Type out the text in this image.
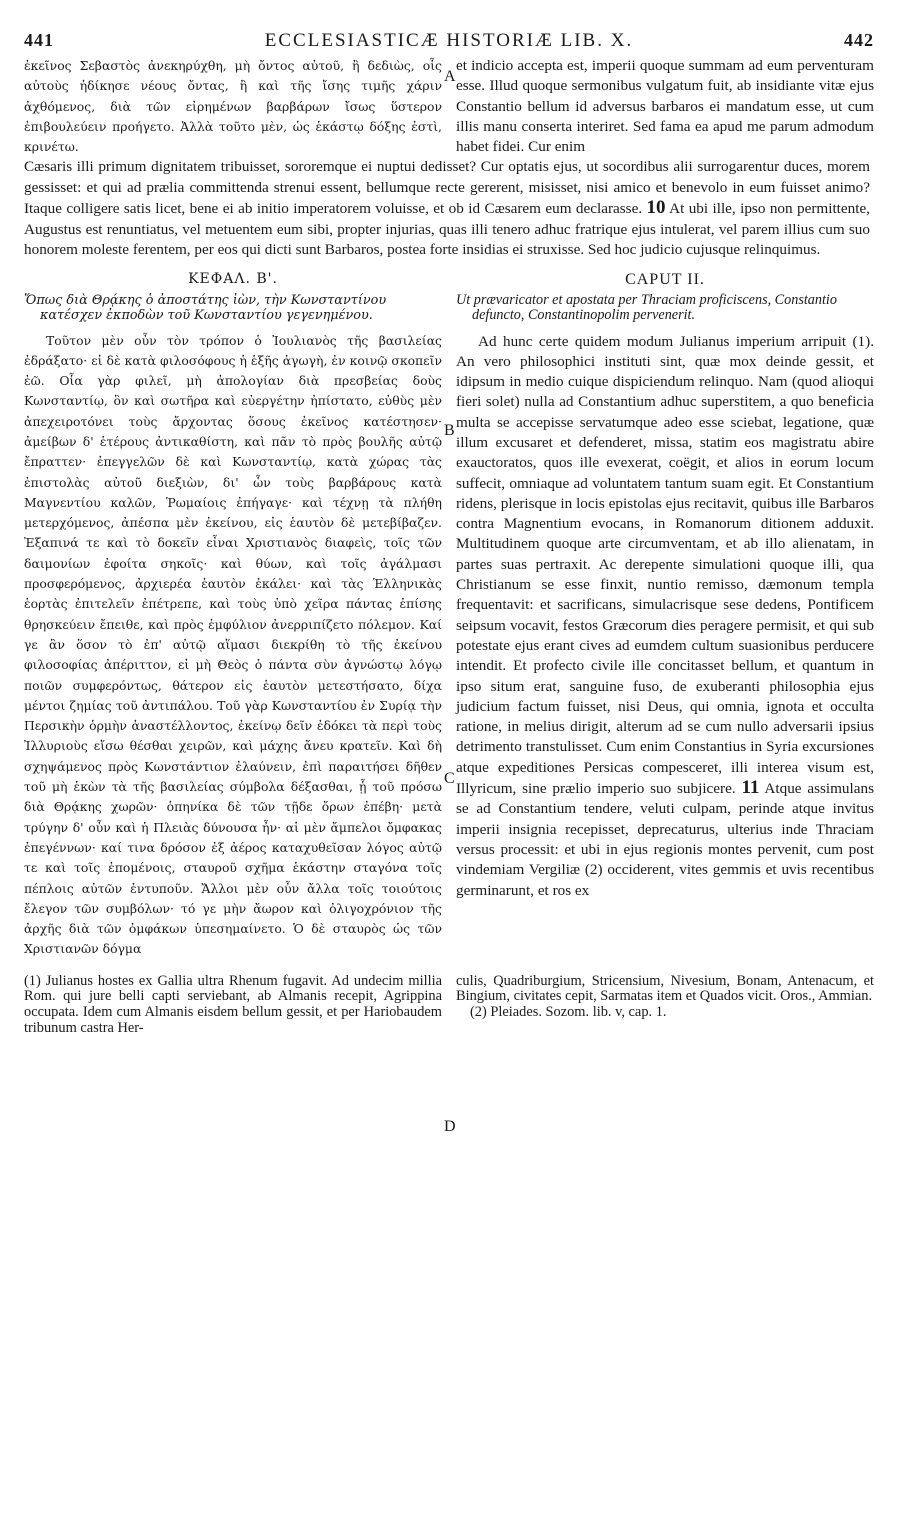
441	ECCLESIASTICÆ HISTORIÆ LIB. X.	442

ἐκεῖνος Σεβαστὸς ἀνεκηρύχθη, μὴ ὄντος αὐτοῦ, ἢ δεδιὼς, οἷς αὐτοὺς ἠδίκησε νέους ὄντας, ἢ καὶ τῆς ἴσης τιμῆς χάριν ἀχθόμενος, διὰ τῶν εἰρημένων βαρβάρων ἴσως ὕστερον ἐπιβουλεύειν προήγετο. Ἀλλὰ τοῦτο μὲν, ὡς ἑκάστῳ δόξης ἐστὶ, κρινέτω.

et indicio accepta est, imperii quoque summam ad eum perventuram esse. Illud quoque sermonibus vulgatum fuit, ab insidiante vitæ ejus Constantio bellum id adversus barbaros ei mandatum esse, ut cum illis manu conserta interiret. Sed fama ea apud me parum admodum habet fidei. Cur enim

Cæsaris illi primum dignitatem tribuisset, sororemque ei nuptui dedisset? Cur optatis ejus, ut socordibus alii surrogarentur duces, morem gessisset: et qui ad prælia committenda strenui essent, bellumque recte gererent, misisset, nisi amico et benevolo in eum fuisset animo? Itaque colligere satis licet, bene ei ab initio imperatorem voluisse, et ob id Cæsarem eum declarasse. 10 At ubi ille, ipso non permittente, Augustus est renuntiatus, vel metuentem eum sibi, propter injurias, quas illi tenero adhuc fratrique ejus intulerat, vel parem illius cum suo honorem moleste ferentem, per eos qui dicti sunt Barbaros, postea forte insidias ei struxisse. Sed hoc judicio cujusque relinquimus.

ΚΕΦΑΛ. Β'.	CAPUT II.

Ὅπως διὰ Θρᾴκης ὁ ἀποστάτης ἰὼν, τὴν Κωνσταντίνου κατέσχεν ἐκποδὼν τοῦ Κωνσταντίου γεγενημένου.

Τοῦτον μὲν οὖν τὸν τρόπον ὁ Ἰουλιανὸς τῆς βασιλείας ἐδράξατο· εἰ δὲ κατὰ φιλοσόφους ἡ ἑξῆς ἀγωγὴ, ἐν κοινῷ σκοπεῖν ἐῶ. Οἷα γὰρ φιλεῖ, μὴ ἀπολογίαν διὰ πρεσβείας δοὺς Κωνσταντίῳ, ὃν καὶ σωτῆρα καὶ εὐεργέτην ἠπίστατο, εὐθὺς μὲν ἀπεχειροτόνει τοὺς ἄρχοντας ὅσους ἐκεῖνος κατέστησεν· ἀμείβων δ' ἑτέρους ἀντικαθίστη, καὶ πᾶν τὸ πρὸς βουλῆς αὐτῷ ἔπραττεν· ἐπεγγελῶν δὲ καὶ Κωνσταντίῳ, κατὰ χώρας τὰς ἐπιστολὰς αὐτοῦ διεξιὼν, δι' ὧν τοὺς βαρβάρους κατὰ Μαγνεντίου καλῶν, Ῥωμαίοις ἐπήγαγε· καὶ τέχνῃ τὰ πλήθη μετερχόμενος, ἀπέσπα μὲν ἐκείνου, εἰς ἑαυτὸν δὲ μετεβίβαζεν. Ἐξαπινά τε καὶ τὸ δοκεῖν εἶναι Χριστιανὸς διαφεὶς, τοῖς τῶν δαιμονίων ἐφοίτα σηκοῖς· καὶ θύων, καὶ τοῖς ἀγάλμασι πρoσφερόμενος, ἀρχιερέα ἑαυτὸν ἐκάλει· καὶ τὰς Ἑλληνικὰς ἑορτὰς ἐπιτελεῖν ἐπέτρεπε, καὶ τοὺς ὑπὸ χεῖρα πάντας ἐπίσης θρησκεύειν ἔπειθε, καὶ πρὸς ἐμφύλιον ἀνερριπίζετο πόλεμον. Καί γε ἂν ὅσον τὸ ἐπ' αὐτῷ αἵμασι διεκρίθη τὸ τῆς ἐκείνου φιλοσοφίας ἀπέριττον, εἰ μὴ Θεὸς ὁ πάντα σὺν ἀγνώστῳ λόγῳ ποιῶν συμφερόντως, θάτερον εἰς ἑαυτὸν μετεστήσατο, δίχα μέντοι ζημίας τοῦ ἀντιπάλου. Τοῦ γὰρ Κωνσταντίου ἐν Συρίᾳ τὴν Περσικὴν ὁρμὴν ἀναστέλλοντος, ἐκείνῳ δεῖν ἐδόκει τὰ περὶ τοὺς Ἰλλυριοὺς εἴσω θέσθαι χειρῶν, καὶ μάχης ἄνευ κρατεῖν. Καὶ δὴ σχηψάμενος πρὸς Κωνστάντιον ἐλαύνειν, ἐπὶ παραιτήσει δῆθεν τοῦ μὴ ἑκὼν τὰ τῆς βασιλείας σύμβολα δέξασθαι, ᾗ τοῦ πρόσω διὰ Θρᾴκης χωρῶν· ὁπηνίκα δὲ τῶν τῇδε ὄρων ἐπέβη· μετὰ τρύγην δ' οὖν καὶ ἡ Πλειὰς δύνουσα ἦν· αἱ μὲν ἄμπελοι ὄμφακας ἐπεγέννων· καί τινα δρόσον ἐξ ἀέρος καταχυθεῖσαν λόγος αὐτῷ τε καὶ τοῖς ἑπομένοις, σταυροῦ σχῆμα ἑκάστην σταγόνα τοῖς πέπλοις αὐτῶν ἐντυποῦν. Ἄλλοι μὲν οὖν ἄλλα τοῖς τοιούτοις ἔλεγον τῶν συμβόλων· τό γε μὴν ἄωρον καὶ ὀλιγοχρόνιον τῆς ἀρχῆς διὰ τῶν ὀμφάκων ὑπεσημαίνετο. Ὁ δὲ σταυρὸς ὡς τῶν Χριστιανῶν δόγμα

Ut prævaricator et apostata per Thraciam proficiscens, Constantio defuncto, Constantinopolim pervenerit.

Ad hunc certe quidem modum Julianus imperium arripuit (1). An vero philosophici instituti sint, quæ mox deinde gessit, et idipsum in medio cuique dispiciendum relinquo. Nam (quod alioqui fieri solet) nulla ad Constantium adhuc superstitem, a quo beneficia multa se accepisse servatumque adeo esse sciebat, legatione, quæ illum excusaret et defenderet, missa, statim eos magistratu abire exauctoratos, quos ille evexerat, coëgit, et alios in eorum locum suffecit, omniaque ad voluntatem tantum suam egit. Et Constantium ridens, plerisque in locis epistolas ejus recitavit, quibus ille Barbaros contra Magnentium evocans, in Romanorum ditionem adduxit. Multitudinem quoque arte circumventam, et ab illo alienatam, in partes suas pertraxit. Ac derepente simulationi quoque illi, qua Christianum se esse finxit, nuntio remisso, dæmonum templa frequentavit: et sacrificans, simulacrisque sese dedens, Pontificem seipsum vocavit, festos Græcorum dies peragere permisit, et qui sub potestate ejus erant cives ad eumdem cultum suasionibus perducere intendit. Et profecto civile ille concitasset bellum, et quantum in ipso situm erat, sanguine fuso, de exuberanti philosophia ejus judicium factum fuisset, nisi Deus, qui omnia, ignota et occulta ratione, in melius dirigit, alterum ad se cum nullo adversarii ipsius detrimento transtulisset. Cum enim Constantius in Syria excursiones atque expeditiones Persicas compesceret, illi interea visum est, Illyricum, sine prælio imperio suo subjicere. 11 Atque assimulans se ad Constantium tendere, veluti culpam, perinde atque invitus imperii insignia recepisset, deprecaturus, ulterius inde Thraciam versus processit: et ubi in ejus regionis montes pervenit, cum post vindemiam Vergiliæ (2) occiderent, vites gemmis et uvis recentibus germinarunt, et ros ex

(1) Julianus hostes ex Gallia ultra Rhenum fugavit. Ad undecim millia Rom. qui jure belli capti serviebant, ab Almanis recepit, Agrippina occupata. Idem cum Almanis eisdem bellum gessit, et per Hariobaudem tribunum castra Her-

culis, Quadriburgium, Stricensium, Nivesium, Bonam, Antenacum, et Bingium, civitates cepit, Sarmatas item et Quados vicit. Oros., Ammian.

(2) Pleiades. Sozom. lib. v, cap. 1.

A
B
C
D
